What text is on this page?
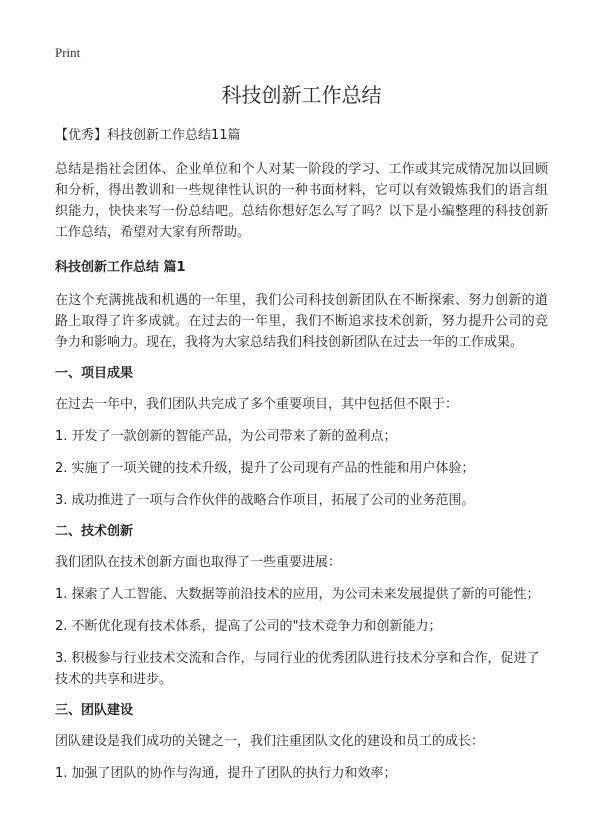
Print
科技创新工作总结
【优秀】科技创新工作总结11篇

总结是指社会团体、企业单位和个人对某一阶段的学习、工作或其完成情况加以回顾和分析，得出教训和一些规律性认识的一种书面材料，它可以有效锻炼我们的语言组织能力，快快来写一份总结吧。总结你想好怎么写了吗？以下是小编整理的科技创新工作总结，希望对大家有所帮助。

科技创新工作总结 篇1

在这个充满挑战和机遇的一年里，我们公司科技创新团队在不断探索、努力创新的道路上取得了许多成就。在过去的一年里，我们不断追求技术创新，努力提升公司的竞争力和影响力。现在，我将为大家总结我们科技创新团队在过去一年的工作成果。

一、项目成果

在过去一年中，我们团队共完成了多个重要项目，其中包括但不限于：

1. 开发了一款创新的智能产品，为公司带来了新的盈利点；
2. 实施了一项关键的技术升级，提升了公司现有产品的性能和用户体验；
3. 成功推进了一项与合作伙伴的战略合作项目，拓展了公司的业务范围。
二、技术创新

我们团队在技术创新方面也取得了一些重要进展：

1. 探索了人工智能、大数据等前沿技术的应用，为公司未来发展提供了新的可能性；
2. 不断优化现有技术体系，提高了公司的"技术竞争力和创新能力；
3. 积极参与行业技术交流和合作，与同行业的优秀团队进行技术分享和合作，促进了技术的共享和进步。
三、团队建设

团队建设是我们成功的关键之一，我们注重团队文化的建设和员工的成长：

1. 加强了团队的协作与沟通，提升了团队的执行力和效率；
